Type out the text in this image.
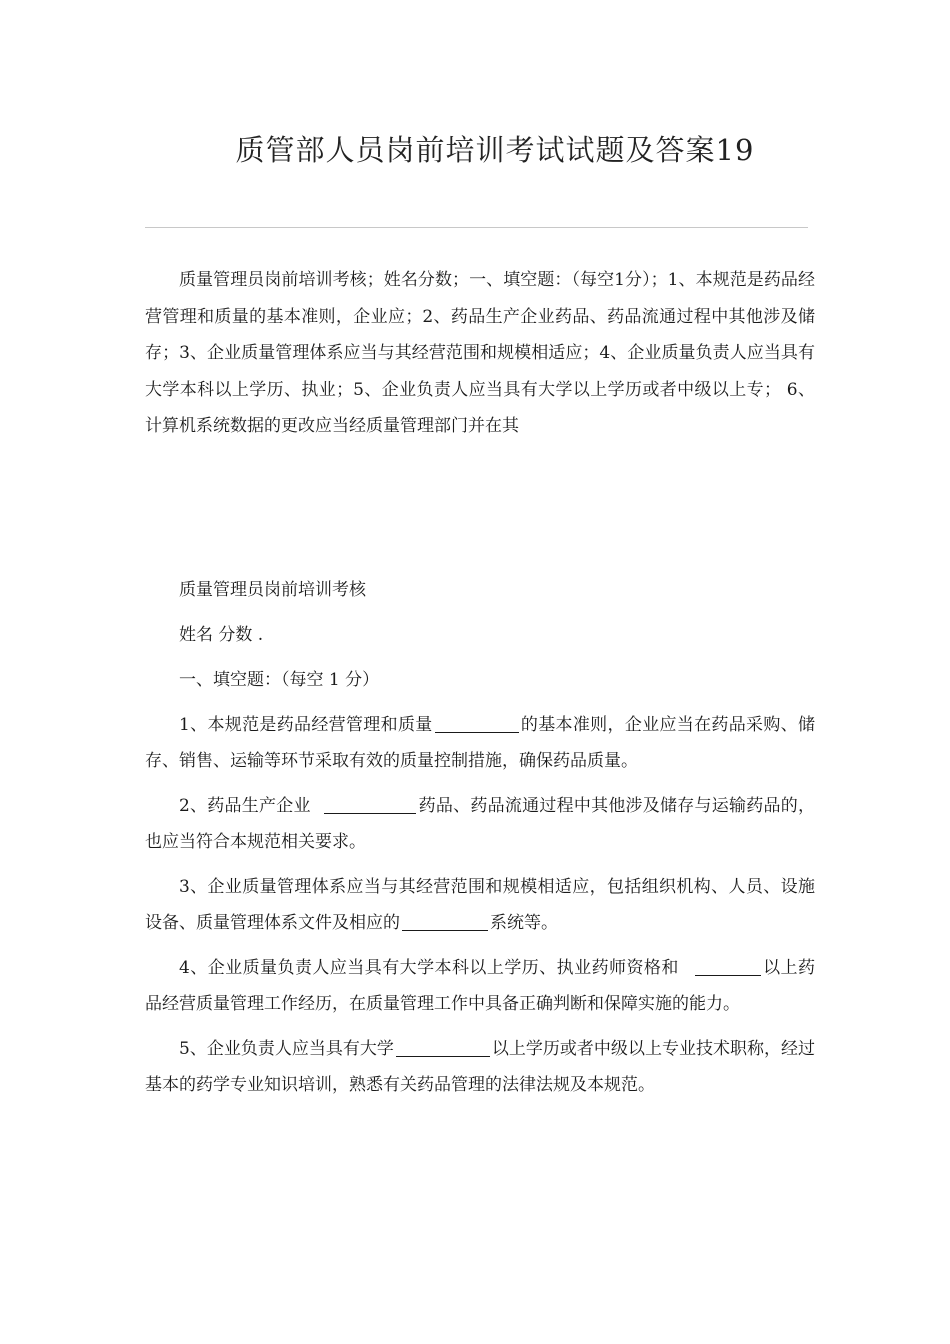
质管部人员岗前培训考试试题及答案19

质量管理员岗前培训考核；姓名分数；一、填空题：（每空1分）；1、本规范是药品经营管理和质量的基本准则，企业应；2、药品生产企业药品、药品流通过程中其他涉及储存；3、企业质量管理体系应当与其经营范围和规模相适应；4、企业质量负责人应当具有大学本科以上学历、执业；5、企业负责人应当具有大学以上学历或者中级以上专； 6、计算机系统数据的更改应当经质量管理部门并在其

质量管理员岗前培训考核

姓名 分数 .

一、填空题：（每空 1 分）

1、本规范是药品经营管理和质量	的基本准则，企业应当在药品采购、储存、销售、运输等环节采取有效的质量控制措施，确保药品质量。

2、药品生产企业	药品、药品流通过程中其他涉及储存与运输药品的，也应当符合本规范相关要求。

3、企业质量管理体系应当与其经营范围和规模相适应，包括组织机构、人员、设施设备、质量管理体系文件及相应的	系统等。

4、企业质量负责人应当具有大学本科以上学历、执业药师资格和	以上药品经营质量管理工作经历，在质量管理工作中具备正确判断和保障实施的能力。

5、企业负责人应当具有大学	以上学历或者中级以上专业技术职称，经过基本的药学专业知识培训，熟悉有关药品管理的法律法规及本规范。
